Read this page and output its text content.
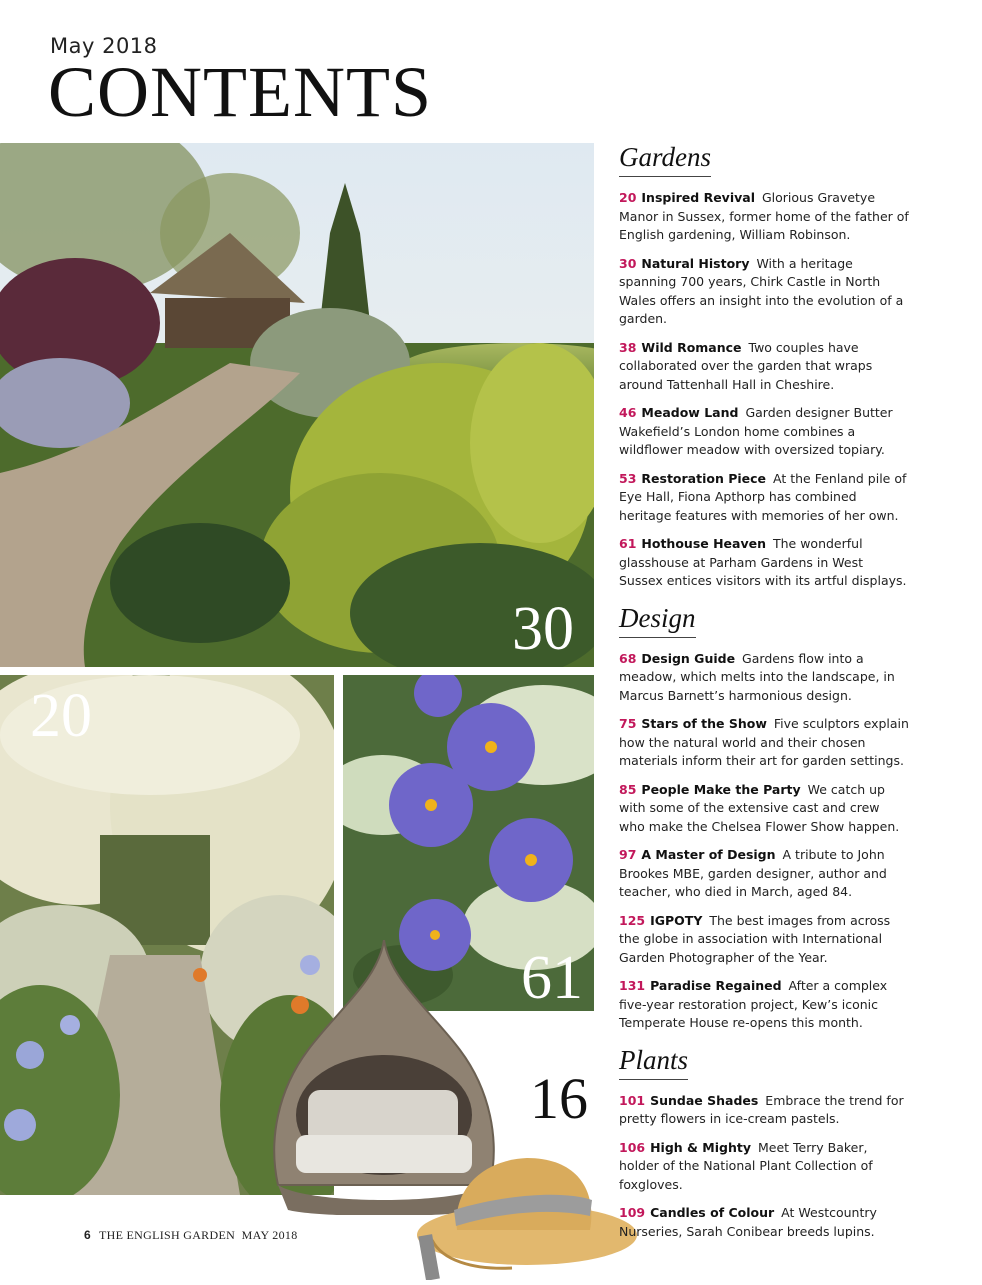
May 2018
CONTENTS
30
20
61
16
Gardens
20 Inspired Revival Glorious Gravetye Manor in Sussex, former home of the father of English gardening, William Robinson.
30 Natural History With a heritage spanning 700 years, Chirk Castle in North Wales offers an insight into the evolution of a garden.
38 Wild Romance Two couples have collaborated over the garden that wraps around Tattenhall Hall in Cheshire.
46 Meadow Land Garden designer Butter Wakefield’s London home combines a wildflower meadow with oversized topiary.
53 Restoration Piece At the Fenland pile of Eye Hall, Fiona Apthorp has combined heritage features with memories of her own.
61 Hothouse Heaven The wonderful glasshouse at Parham Gardens in West Sussex entices visitors with its artful displays.
Design
68 Design Guide Gardens flow into a meadow, which melts into the landscape, in Marcus Barnett’s harmonious design.
75 Stars of the Show Five sculptors explain how the natural world and their chosen materials inform their art for garden settings.
85 People Make the Party We catch up with some of the extensive cast and crew who make the Chelsea Flower Show happen.
97 A Master of Design A tribute to John Brookes MBE, garden designer, author and teacher, who died in March, aged 84.
125 IGPOTY The best images from across the globe in association with International Garden Photographer of the Year.
131 Paradise Regained After a complex five-year restoration project, Kew’s iconic Temperate House re-opens this month.
Plants
101 Sundae Shades Embrace the trend for pretty flowers in ice-cream pastels.
106 High & Mighty Meet Terry Baker, holder of the National Plant Collection of foxgloves.
109 Candles of Colour At Westcountry Nurseries, Sarah Conibear breeds lupins.
6 THE ENGLISH GARDEN MAY 2018
